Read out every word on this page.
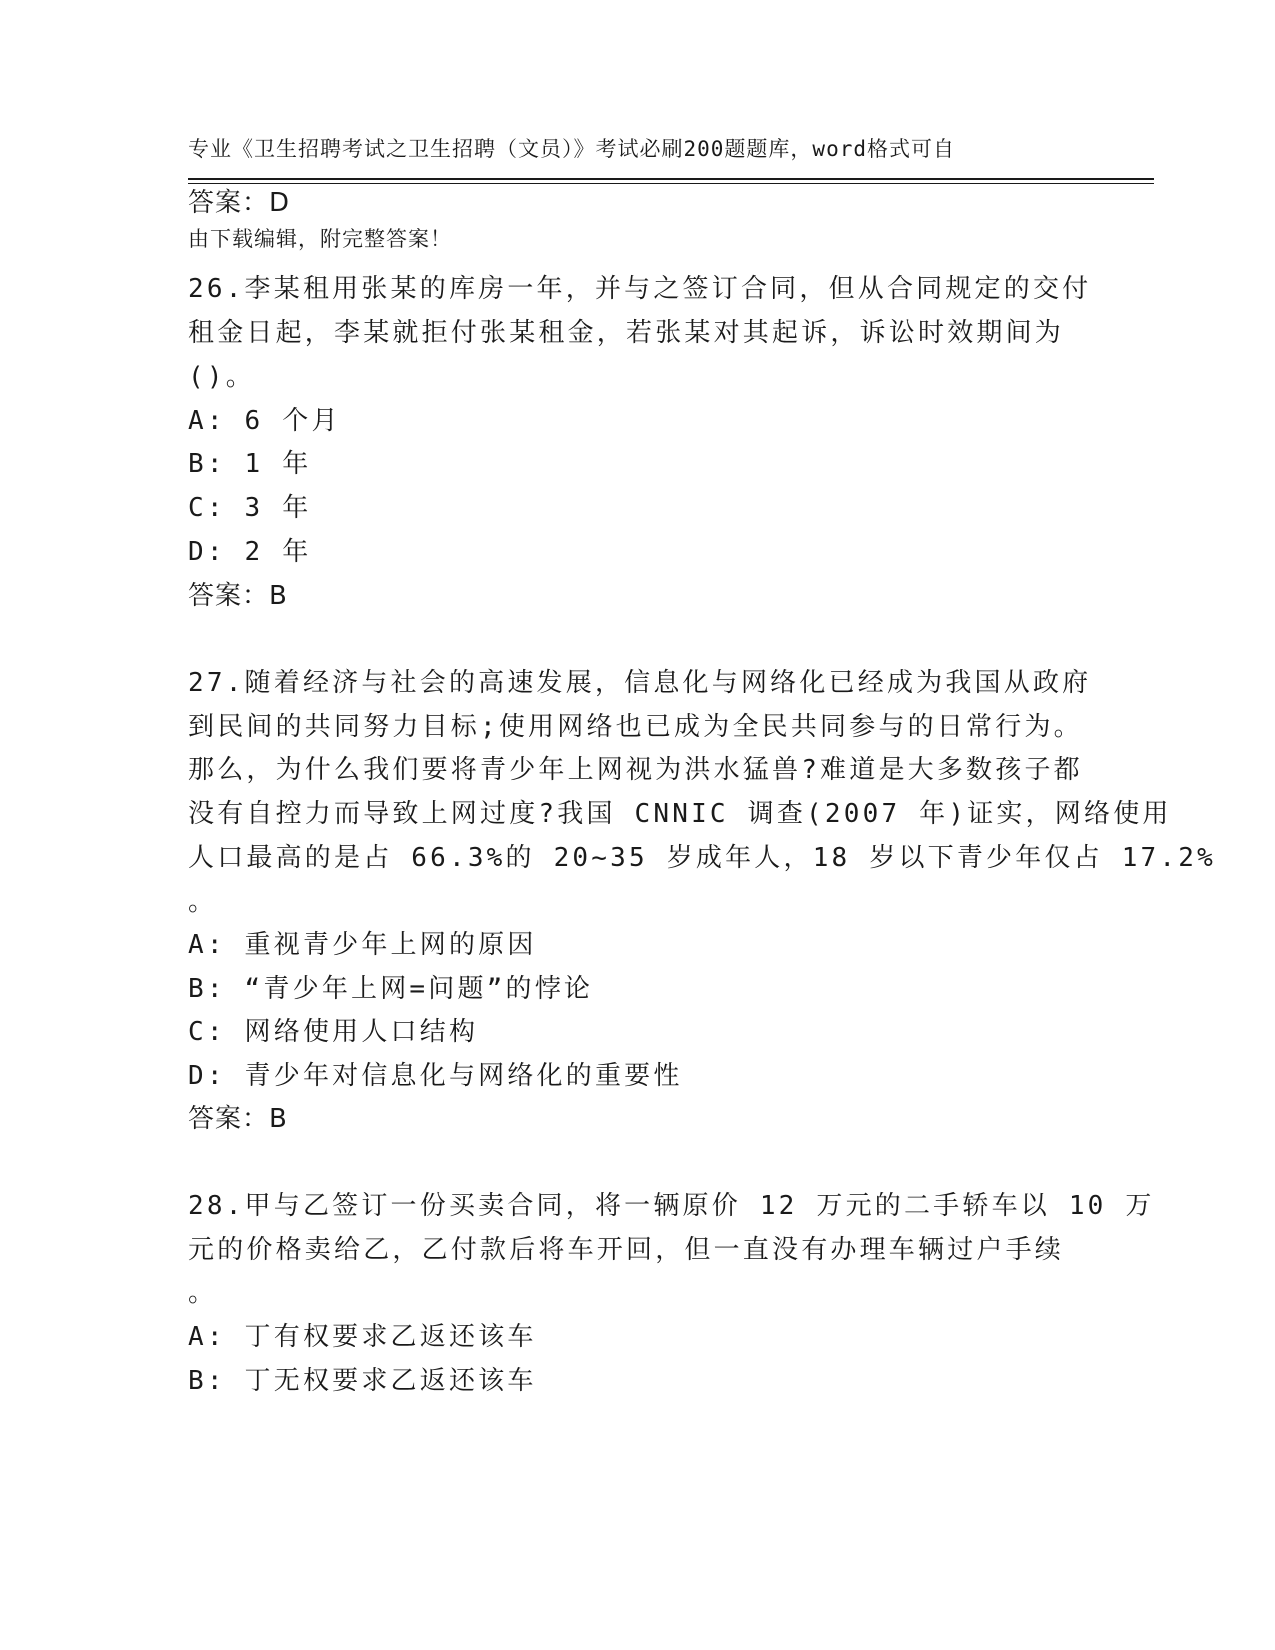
专业《卫生招聘考试之卫生招聘（文员）》考试必刷200题题库，word格式可自

由下载编辑，附完整答案！

答案：D
26.李某租用张某的库房一年，并与之签订合同，但从合同规定的交付
租金日起，李某就拒付张某租金，若张某对其起诉，诉讼时效期间为
()。
A: 6 个月
B: 1 年
C: 3 年
D: 2 年
答案：B
27.随着经济与社会的高速发展，信息化与网络化已经成为我国从政府
到民间的共同努力目标;使用网络也已成为全民共同参与的日常行为。
那么，为什么我们要将青少年上网视为洪水猛兽?难道是大多数孩子都
没有自控力而导致上网过度?我国 CNNIC 调查(2007 年)证实，网络使用
人口最高的是占 66.3%的 20~35 岁成年人，18 岁以下青少年仅占 17.2%
。
A: 重视青少年上网的原因
B: “青少年上网=问题”的悖论
C: 网络使用人口结构
D: 青少年对信息化与网络化的重要性
答案：B
28.甲与乙签订一份买卖合同，将一辆原价 12 万元的二手轿车以 10 万
元的价格卖给乙，乙付款后将车开回，但一直没有办理车辆过户手续
。
A: 丁有权要求乙返还该车
B: 丁无权要求乙返还该车
